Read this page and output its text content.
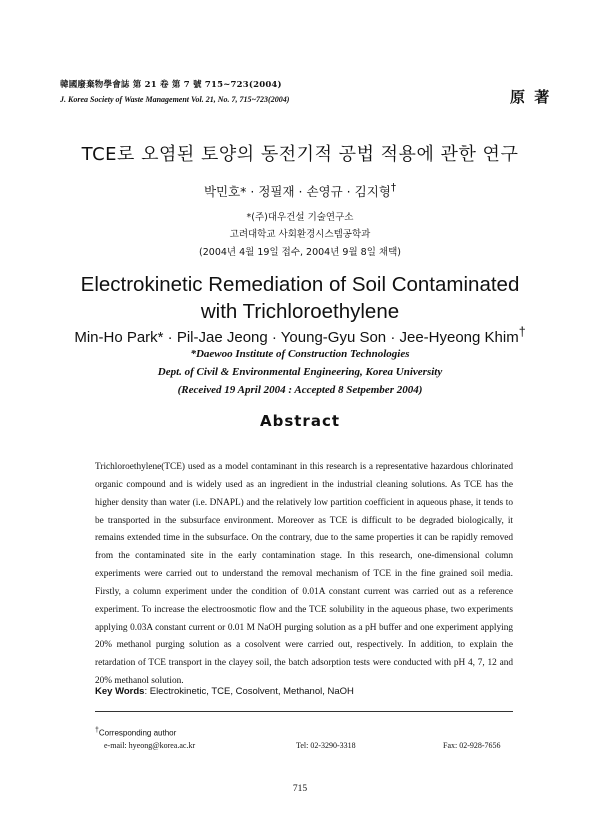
韓國廢棄物學會誌 第 21 卷 第 7 號 715~723(2004)
J. Korea Society of Waste Management Vol. 21, No. 7, 715~723(2004)	原 著
TCE로 오염된 토양의 동전기적 공법 적용에 관한 연구
박민호* · 정필재 · 손영규 · 김지형†
*(주)대우건설 기술연구소
고려대학교 사회환경시스템공학과
(2004년 4월 19일 접수, 2004년 9월 8일 채택)
Electrokinetic Remediation of Soil Contaminated
with Trichloroethylene
Min-Ho Park* · Pil-Jae Jeong · Young-Gyu Son · Jee-Hyeong Khim†
*Daewoo Institute of Construction Technologies
Dept. of Civil & Environmental Engineering, Korea University
(Received 19 April 2004 : Accepted 8 Setpember 2004)
Abstract
Trichloroethylene(TCE) used as a model contaminant in this research is a representative hazardous chlorinated organic compound and is widely used as an ingredient in the industrial cleaning solutions. As TCE has the higher density than water (i.e. DNAPL) and the relatively low partition coefficient in aqueous phase, it tends to be transported in the subsurface environment. Moreover as TCE is difficult to be degraded biologically, it remains extended time in the subsurface. On the contrary, due to the same properties it can be rapidly removed from the contaminated site in the early contamination stage. In this research, one-dimensional column experiments were carried out to understand the removal mechanism of TCE in the fine grained soil media. Firstly, a column experiment under the condition of 0.01A constant current was carried out as a reference experiment. To increase the electroosmotic flow and the TCE solubility in the aqueous phase, two experiments applying 0.03A constant current or 0.01 M NaOH purging solution as a pH buffer and one experiment applying 20% methanol purging solution as a cosolvent were carried out, respectively. In addition, to explain the retardation of TCE transport in the clayey soil, the batch adsorption tests were conducted with pH 4, 7, 12 and 20% methanol solution.
Key Words: Electrokinetic, TCE, Cosolvent, Methanol, NaOH
†Corresponding author
e-mail: hyeong@korea.ac.kr	Tel: 02-3290-3318	Fax: 02-928-7656
715
